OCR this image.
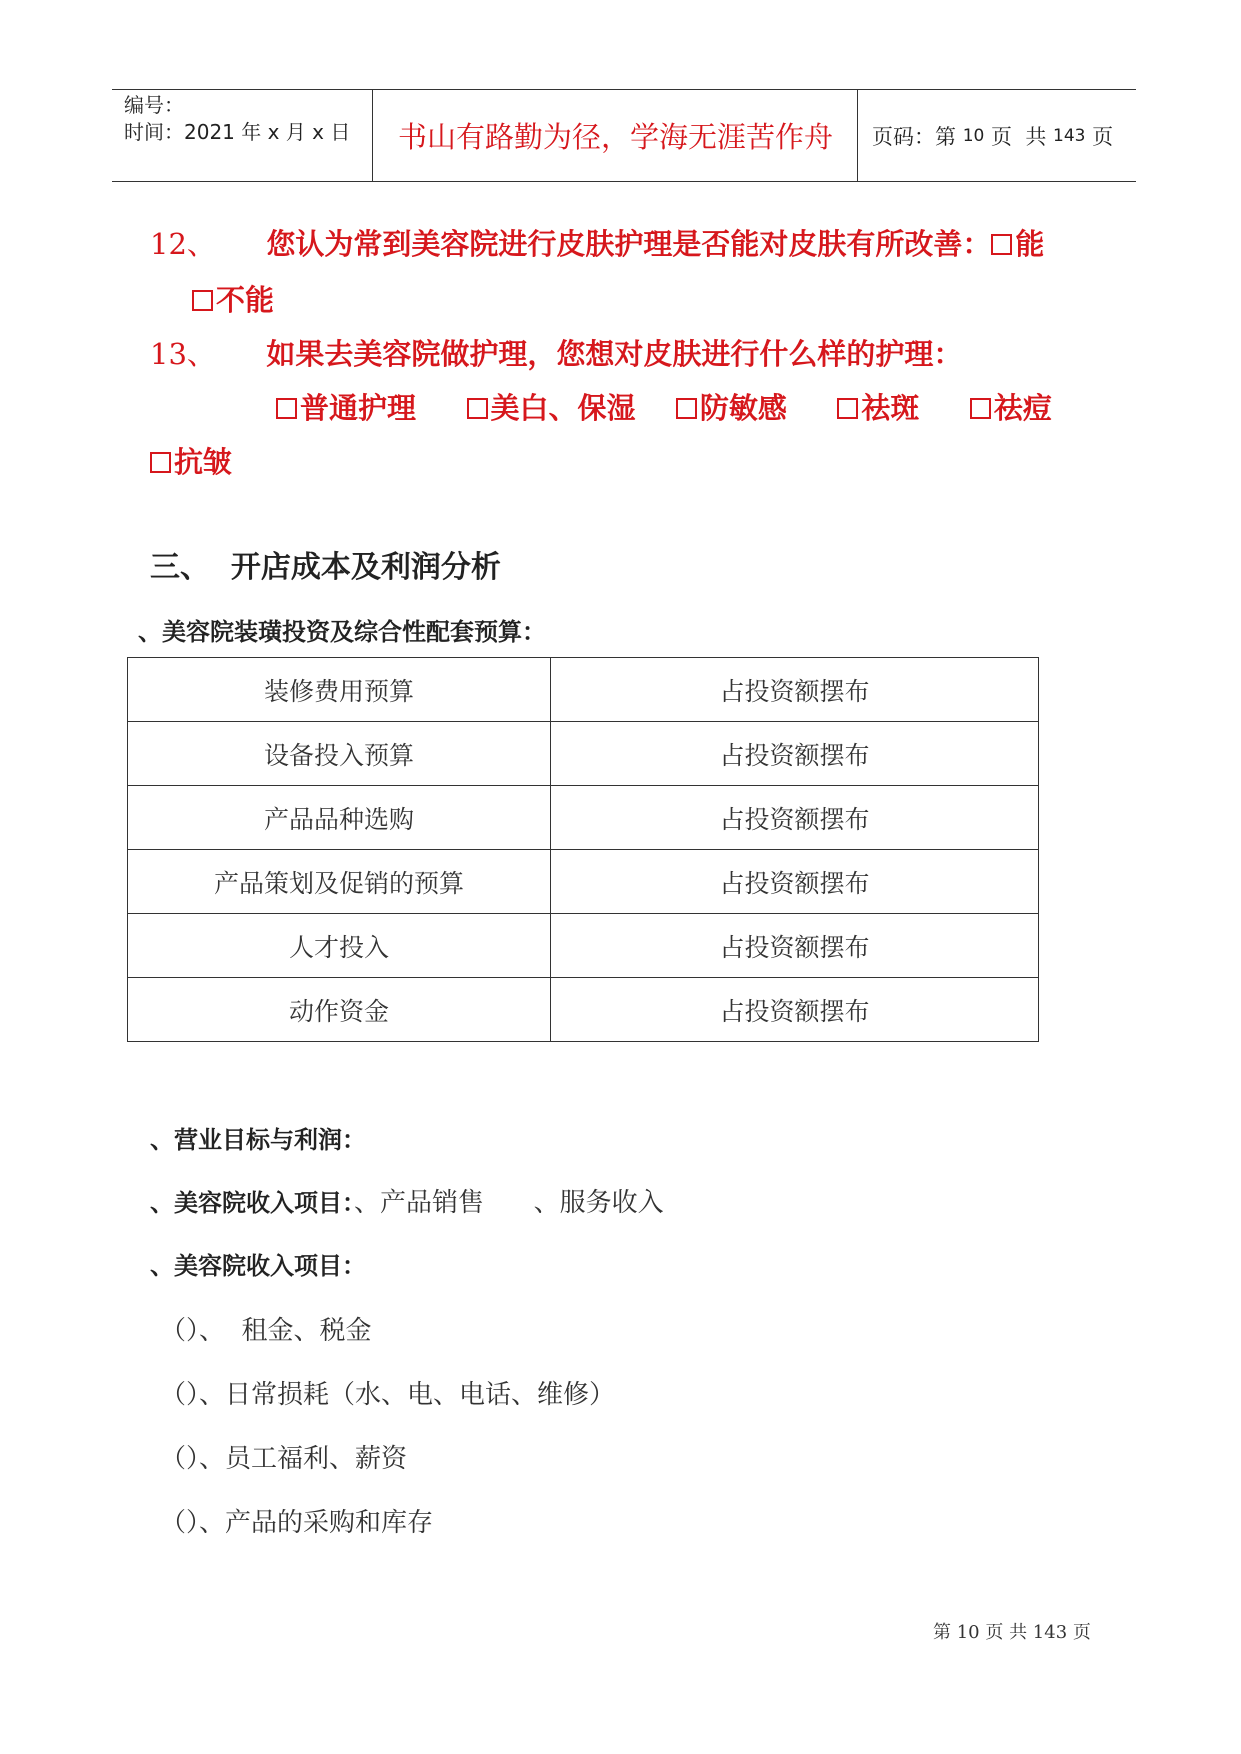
编号：
时间：2021 年 x 月 x 日	书山有路勤为径，学海无涯苦作舟	页码：第 10 页  共 143 页
12、 您认为常到美容院进行皮肤护理是否能对皮肤有所改善： 能
不能
13、 如果去美容院做护理，您想对皮肤进行什么样的护理：
普通护理	美白、保湿 防敏感	祛斑	祛痘
抗皱
三、  开店成本及利润分析
、美容院装璜投资及综合性配套预算：
装修费用预算	占投资额摆布
设备投入预算	占投资额摆布
产品品种选购	占投资额摆布
产品策划及促销的预算	占投资额摆布
人才投入	占投资额摆布
动作资金	占投资额摆布
、营业目标与利润：
、美容院收入项目：、产品销售 、服务收入
、美容院收入项目：
（）、  租金、税金
（）、日常损耗（水、电、电话、维修）
（）、员工福利、薪资
（）、产品的采购和库存
第 10 页 共 143 页
